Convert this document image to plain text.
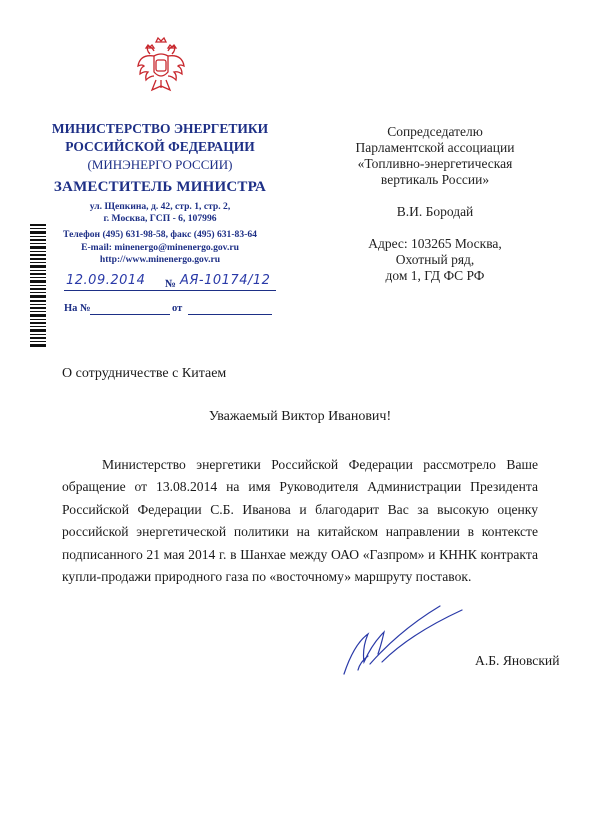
МИНИСТЕРСТВО ЭНЕРГЕТИКИ
РОССИЙСКОЙ ФЕДЕРАЦИИ
(МИНЭНЕРГО РОССИИ)
ЗАМЕСТИТЕЛЬ МИНИСТРА
ул. Щепкина, д. 42, стр. 1, стр. 2,
г. Москва, ГСП - 6, 107996
Телефон (495) 631-98-58, факс (495) 631-83-64
E-mail: minenergo@minenergo.gov.ru
http://www.minenergo.gov.ru
12.09.2014 № АЯ-10174/12
На №	от
Сопредседателю
Парламентской ассоциации
«Топливно-энергетическая
вертикаль России»
В.И. Бородай
Адрес: 103265 Москва,
Охотный ряд,
дом 1, ГД ФС РФ
О сотрудничестве с Китаем
Уважаемый Виктор Иванович!
Министерство энергетики Российской Федерации рассмотрело Ваше обращение от 13.08.2014 на имя Руководителя Администрации Президента Российской Федерации С.Б. Иванова и благодарит Вас за высокую оценку российской энергетической политики на китайском направлении в контексте подписанного 21 мая 2014 г. в Шанхае между ОАО «Газпром» и КННК контракта купли-продажи природного газа по «восточному» маршруту поставок.
А.Б. Яновский
